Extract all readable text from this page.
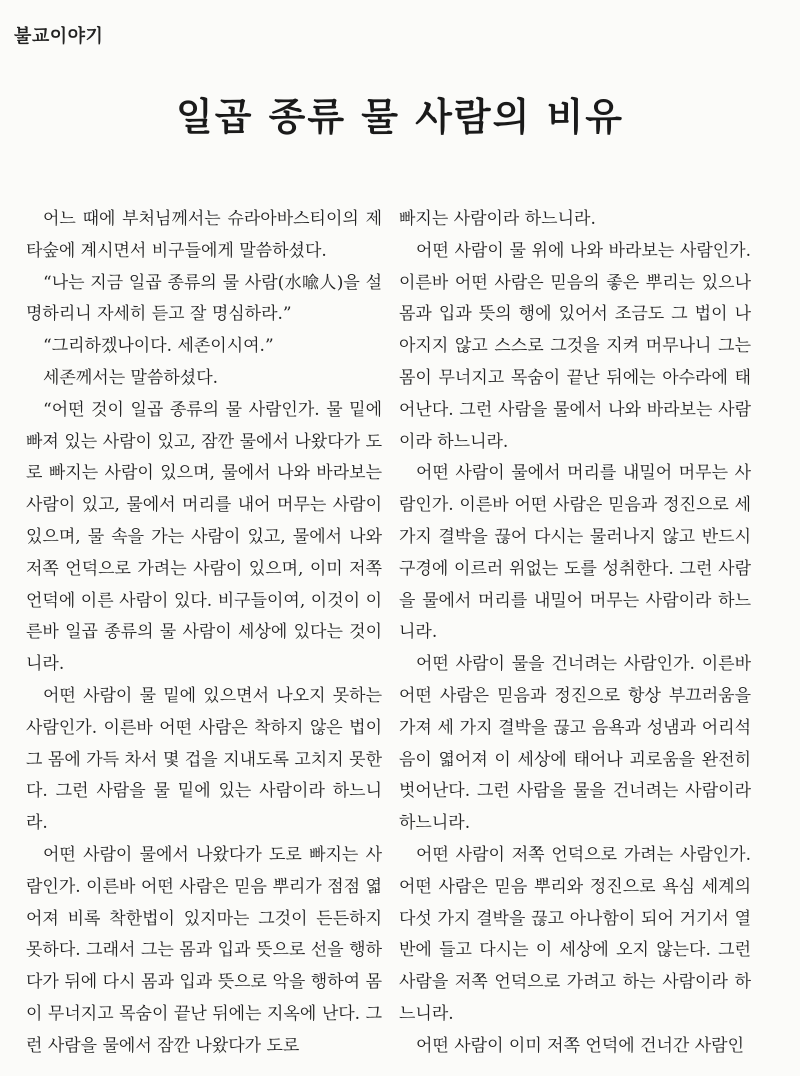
불교이야기
일곱 종류 물 사람의 비유

어느 때에 부처님께서는 슈라아바스티이의 제타숲에 계시면서 비구들에게 말씀하셨다.

“나는 지금 일곱 종류의 물 사람(水喩人)을 설명하리니 자세히 듣고 잘 명심하라.”

“그리하겠나이다. 세존이시여.”

세존께서는 말씀하셨다.

“어떤 것이 일곱 종류의 물 사람인가. 물 밑에 빠져 있는 사람이 있고, 잠깐 물에서 나왔다가 도로 빠지는 사람이 있으며, 물에서 나와 바라보는 사람이 있고, 물에서 머리를 내어 머무는 사람이 있으며, 물 속을 가는 사람이 있고, 물에서 나와 저쪽 언덕으로 가려는 사람이 있으며, 이미 저쪽 언덕에 이른 사람이 있다. 비구들이여, 이것이 이른바 일곱 종류의 물 사람이 세상에 있다는 것이니라.

어떤 사람이 물 밑에 있으면서 나오지 못하는 사람인가. 이른바 어떤 사람은 착하지 않은 법이 그 몸에 가득 차서 몇 겁을 지내도록 고치지 못한다. 그런 사람을 물 밑에 있는 사람이라 하느니라.

어떤 사람이 물에서 나왔다가 도로 빠지는 사람인가. 이른바 어떤 사람은 믿음 뿌리가 점점 엷어져 비록 착한법이 있지마는 그것이 든든하지 못하다. 그래서 그는 몸과 입과 뜻으로 선을 행하다가 뒤에 다시 몸과 입과 뜻으로 악을 행하여 몸이 무너지고 목숨이 끝난 뒤에는 지옥에 난다. 그런 사람을 물에서 잠깐 나왔다가 도로

빠지는 사람이라 하느니라.

어떤 사람이 물 위에 나와 바라보는 사람인가. 이른바 어떤 사람은 믿음의 좋은 뿌리는 있으나 몸과 입과 뜻의 행에 있어서 조금도 그 법이 나아지지 않고 스스로 그것을 지켜 머무나니 그는 몸이 무너지고 목숨이 끝난 뒤에는 아수라에 태어난다. 그런 사람을 물에서 나와 바라보는 사람이라 하느니라.

어떤 사람이 물에서 머리를 내밀어 머무는 사람인가. 이른바 어떤 사람은 믿음과 정진으로 세 가지 결박을 끊어 다시는 물러나지 않고 반드시 구경에 이르러 위없는 도를 성취한다. 그런 사람을 물에서 머리를 내밀어 머무는 사람이라 하느니라.

어떤 사람이 물을 건너려는 사람인가. 이른바 어떤 사람은 믿음과 정진으로 항상 부끄러움을 가져 세 가지 결박을 끊고 음욕과 성냄과 어리석음이 엷어져 이 세상에 태어나 괴로움을 완전히 벗어난다. 그런 사람을 물을 건너려는 사람이라 하느니라.

어떤 사람이 저쪽 언덕으로 가려는 사람인가. 어떤 사람은 믿음 뿌리와 정진으로 욕심 세계의 다섯 가지 결박을 끊고 아나함이 되어 거기서 열반에 들고 다시는 이 세상에 오지 않는다. 그런 사람을 저쪽 언덕으로 가려고 하는 사람이라 하느니라.

어떤 사람이 이미 저쪽 언덕에 건너간 사람인
